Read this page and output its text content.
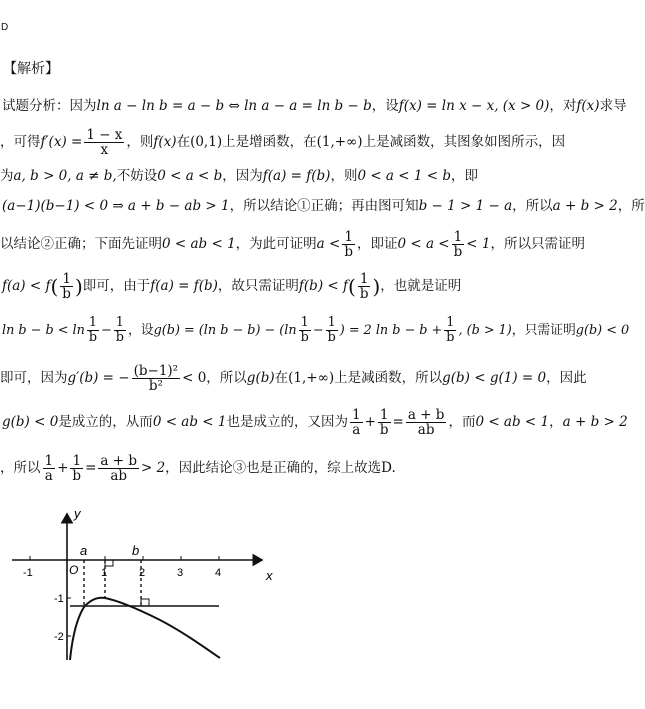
D
【解析】
试题分析：因为ln a − ln b = a − b ⇔ ln a − a = ln b − b，设f(x) = ln x − x, (x > 0)，对f(x)求导
，可得$f'(x) = \frac{1 - x}{x}$ ，则f(x)在(0,1)上是增函数，在(1,+∞)上是减函数，其图象如图所示，因
为a, b > 0, a ≠ b,不妨设0 < a < b，因为f(a) = f(b)，则0 < a < 1 < b，即
(a−1)(b−1) < 0 ⇒ a + b − ab > 1，所以结论①正确；再由图可知b − 1 > 1 − a，所以a + b > 2，所
以结论②正确；下面先证明0 < ab < 1，为此可证明$a < \frac{1}{b}$ ，即证$0 < a < \frac{1}{b} < 1$，所以只需证明
$f(a) < f( \frac{1}{b}$ )即可，由于f(a) = f(b)，故只需证明$f(b) < f( \frac{1}{b}$ )，也就是证明
$\ln b - b < \ln \frac{1}{b} - \frac{1}{b}$ ，设g(b) = (ln $b - b) - (\ln \frac{1}{b} - \frac{1}{b}$ ) = 2 $\ln b - b + \frac{1}{b}$ , (b > 1)，只需证明g(b) < 0
即可，因为g′(b) = − $\frac{\text{(b−1)²}}{\text{b²}} < 0$，所以g(b)在(1,+∞)上是减函数，所以g(b) < g(1) = 0，因此
g(b) < 0是成立的，从而0 < ab < 1也是成立的，又因为 $\frac{1}{a} + \frac{1}{b} = \frac{a + b}{ab}$ ，而0 < ab < 1，a + b > 2
，所以 $\frac{1}{a} + \frac{1}{b} = \frac{a + b}{ab} > 2$，因此结论③也是正确的，综上故选D.
y
x
O
-1	1	2	3	4
-1
-2
a	b
